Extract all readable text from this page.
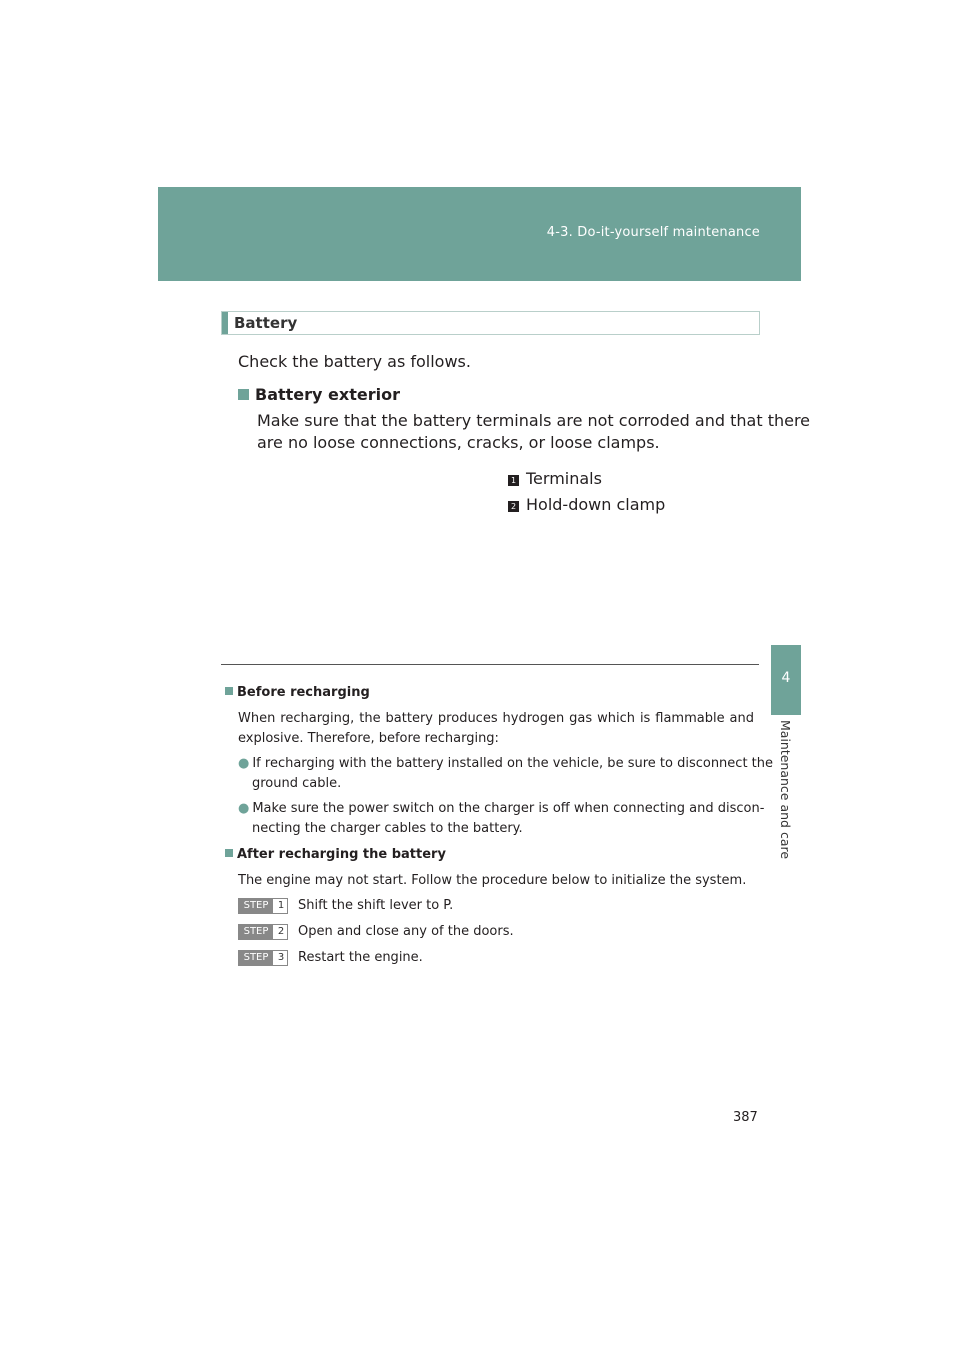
4-3. Do-it-yourself maintenance
4
Maintenance and care
Battery
Check the battery as follows.
Battery exterior
Make sure that the battery terminals are not corroded and that there
are no loose connections, cracks, or loose clamps.
1 Terminals
2 Hold-down clamp
Before recharging
When recharging, the battery produces hydrogen gas which is flammable and
explosive. Therefore, before recharging:
● If recharging with the battery installed on the vehicle, be sure to disconnect the
ground cable.
● Make sure the power switch on the charger is off when connecting and discon-
necting the charger cables to the battery.
After recharging the battery
The engine may not start. Follow the procedure below to initialize the system.
STEP 1 Shift the shift lever to P.
STEP 2 Open and close any of the doors.
STEP 3 Restart the engine.
387
